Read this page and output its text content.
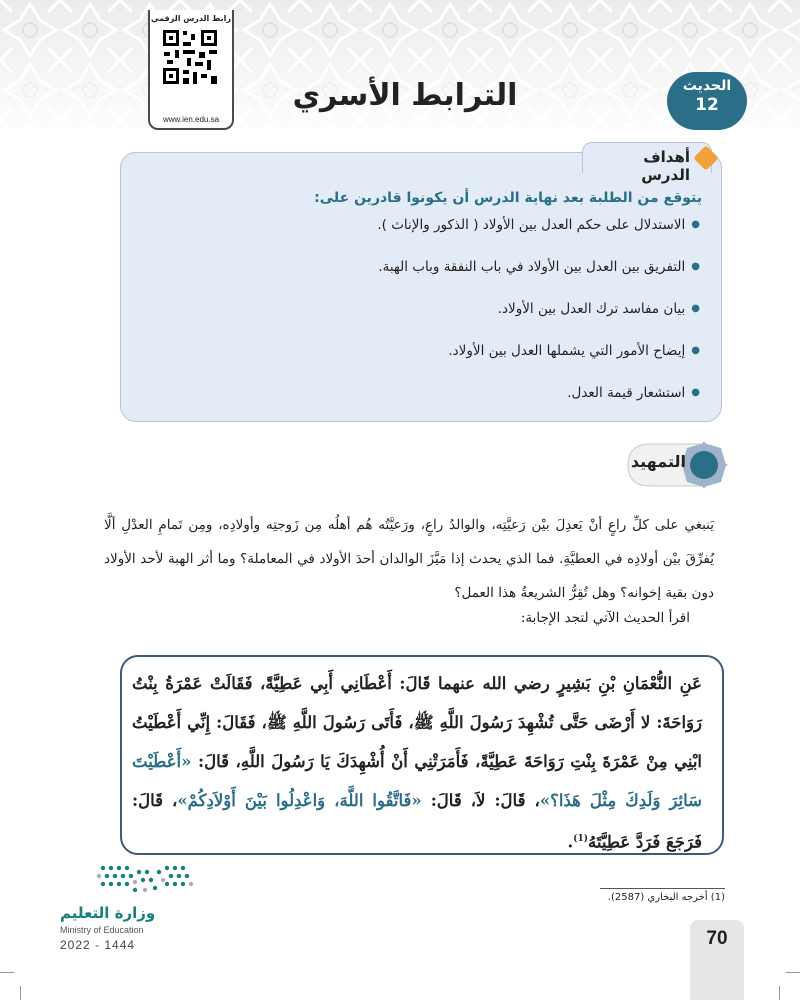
رابط الدرس الرقمي
www.ien.edu.sa
الترابط الأسري	الحديث
12
أهداف الدرس
يتوقع من الطلبة بعد نهاية الدرس أن يكونوا قادرين على:
● الاستدلال على حكم العدل بين الأولاد ( الذكور والإناث ).
● التفريق بين العدل بين الأولاد في باب النفقة وباب الهبة.
● بيان مفاسد ترك العدل بين الأولاد.
● إيضاح الأمور التي يشملها العدل بين الأولاد.
● استشعار قيمة العدل.
التمهيد

يَنبغي على كلِّ راعٍ أنْ يَعدِلَ بيْن رَعيَّتِه، والوالدُ راعٍ، ورَعيَّتُه هُم أهلُه مِن زَوجتِه وأولادِه، ومِن تَمامِ العدْلِ ألَّا يُفرِّقَ بيْن أولادِه في العطيَّةِ. فما الذي يحدث إذا مَيَّزَ الوالدان أحدَ الأولاد في المعاملة؟ وما أثر الهبة لأحد الأولاد دون بقية إخوانه؟ وهل تُقِرُّ الشريعةُ هذا العمل؟

اقرأ الحديث الآتي لتجد الإجابة:

عَنِ النُّعْمَانِ بْنِ بَشِيرٍ رضي الله عنهما قَالَ: أَعْطَانِي أَبِي عَطِيَّةً، فَقَالَتْ عَمْرَةُ بِنْتُ رَوَاحَةَ: لا أَرْضَى حَتَّى تُشْهِدَ رَسُولَ اللَّهِ ﷺ، فَأَتَى رَسُولَ اللَّهِ ﷺ، فَقَالَ: إِنِّي أَعْطَيْتُ ابْنِي مِنْ عَمْرَةَ بِنْتِ رَوَاحَةَ عَطِيَّةً، فَأَمَرَتْنِي أَنْ أُشْهِدَكَ يَا رَسُولَ اللَّهِ، قَالَ: «أَعْطَيْتَ سَائِرَ وَلَدِكَ مِثْلَ هَذَا؟»، قَالَ: لاَ، قَالَ: «فَاتَّقُوا اللَّهَ، وَاعْدِلُوا بَيْنَ أَوْلاَدِكُمْ»، قَالَ: فَرَجَعَ فَرَدَّ عَطِيَّتَهُ$^{(1)}$.

(1) أخرجه البخاري (2587).
وزارة التعليم
Ministry of Education
2022 - 1444	70
